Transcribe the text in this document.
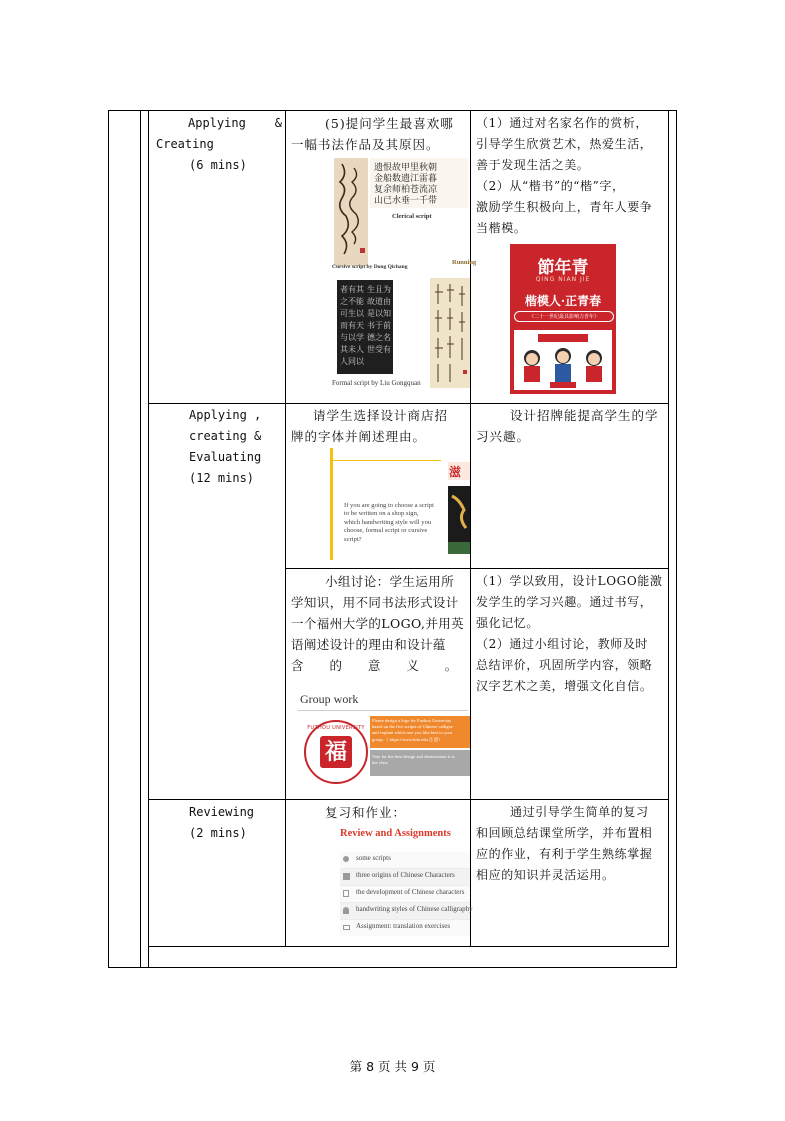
Applying    &
Creating
(6 mins)
(5)提问学生最喜欢哪
一幅书法作品及其原因。
（1）通过对名家名作的赏析，
引导学生欣赏艺术，热爱生活，
善于发现生活之美。
（2）从“楷书”的“楷”字，
激励学生积极向上，青年人要争
当楷模。
遗恨故甲里秋朝
金船数遗江雷暮
复余师柏苍流凉
山已水垂一千带
Clerical script
Cursive script by Dong Qichang
Running
者有其
之不能
可生以
而有天
与以学
其未人
人同以
生且为
故道由
是以知
书于前
德之名
世受有
Formal script by Liu Gongquan
節年青
QING NIAN JIE
楷模人·正青春
《二十一世纪最具影响力青年》
Applying ,
creating &
Evaluating
(12 mins)
请学生选择设计商店招
牌的字体并阐述理由。
设计招牌能提高学生的学
习兴趣。
If you are going to choose a script
to be written on a shop sign,
which handwriting style will you
choose, formal script or cursive
script?
滋
小组讨论：学生运用所
学知识，用不同书法形式设计
一个福州大学的LOGO,并用英
语阐述设计的理由和设计蕴
含  的  意  义  。
（1）学以致用，设计LOGO能激
发学生的学习兴趣。通过书写，
强化记忆。
（2）通过小组讨论，教师及时
总结评价，巩固所学内容，领略
汉字艺术之美，增强文化自信。
Group work
福
FUZHOU UNIVERSITY
Please design a logo for Fuzhou University
based on the five scripts of Chinese calligra-
and explain which one you like best to your
group.（ https://www.bdu.edu 注意）
Vote for the best design and demonstrate it to
the class
Reviewing
(2 mins)
复习和作业：	通过引导学生简单的复习
和回顾总结课堂所学，并布置相
应的作业，有利于学生熟练掌握
相应的知识并灵活运用。
Review and Assignments
some scripts
three origins of Chinese Characters
the development of Chinese characters
handwriting styles of Chinese calligraphy
Assignment: translation exercises
第 8 页 共 9 页
